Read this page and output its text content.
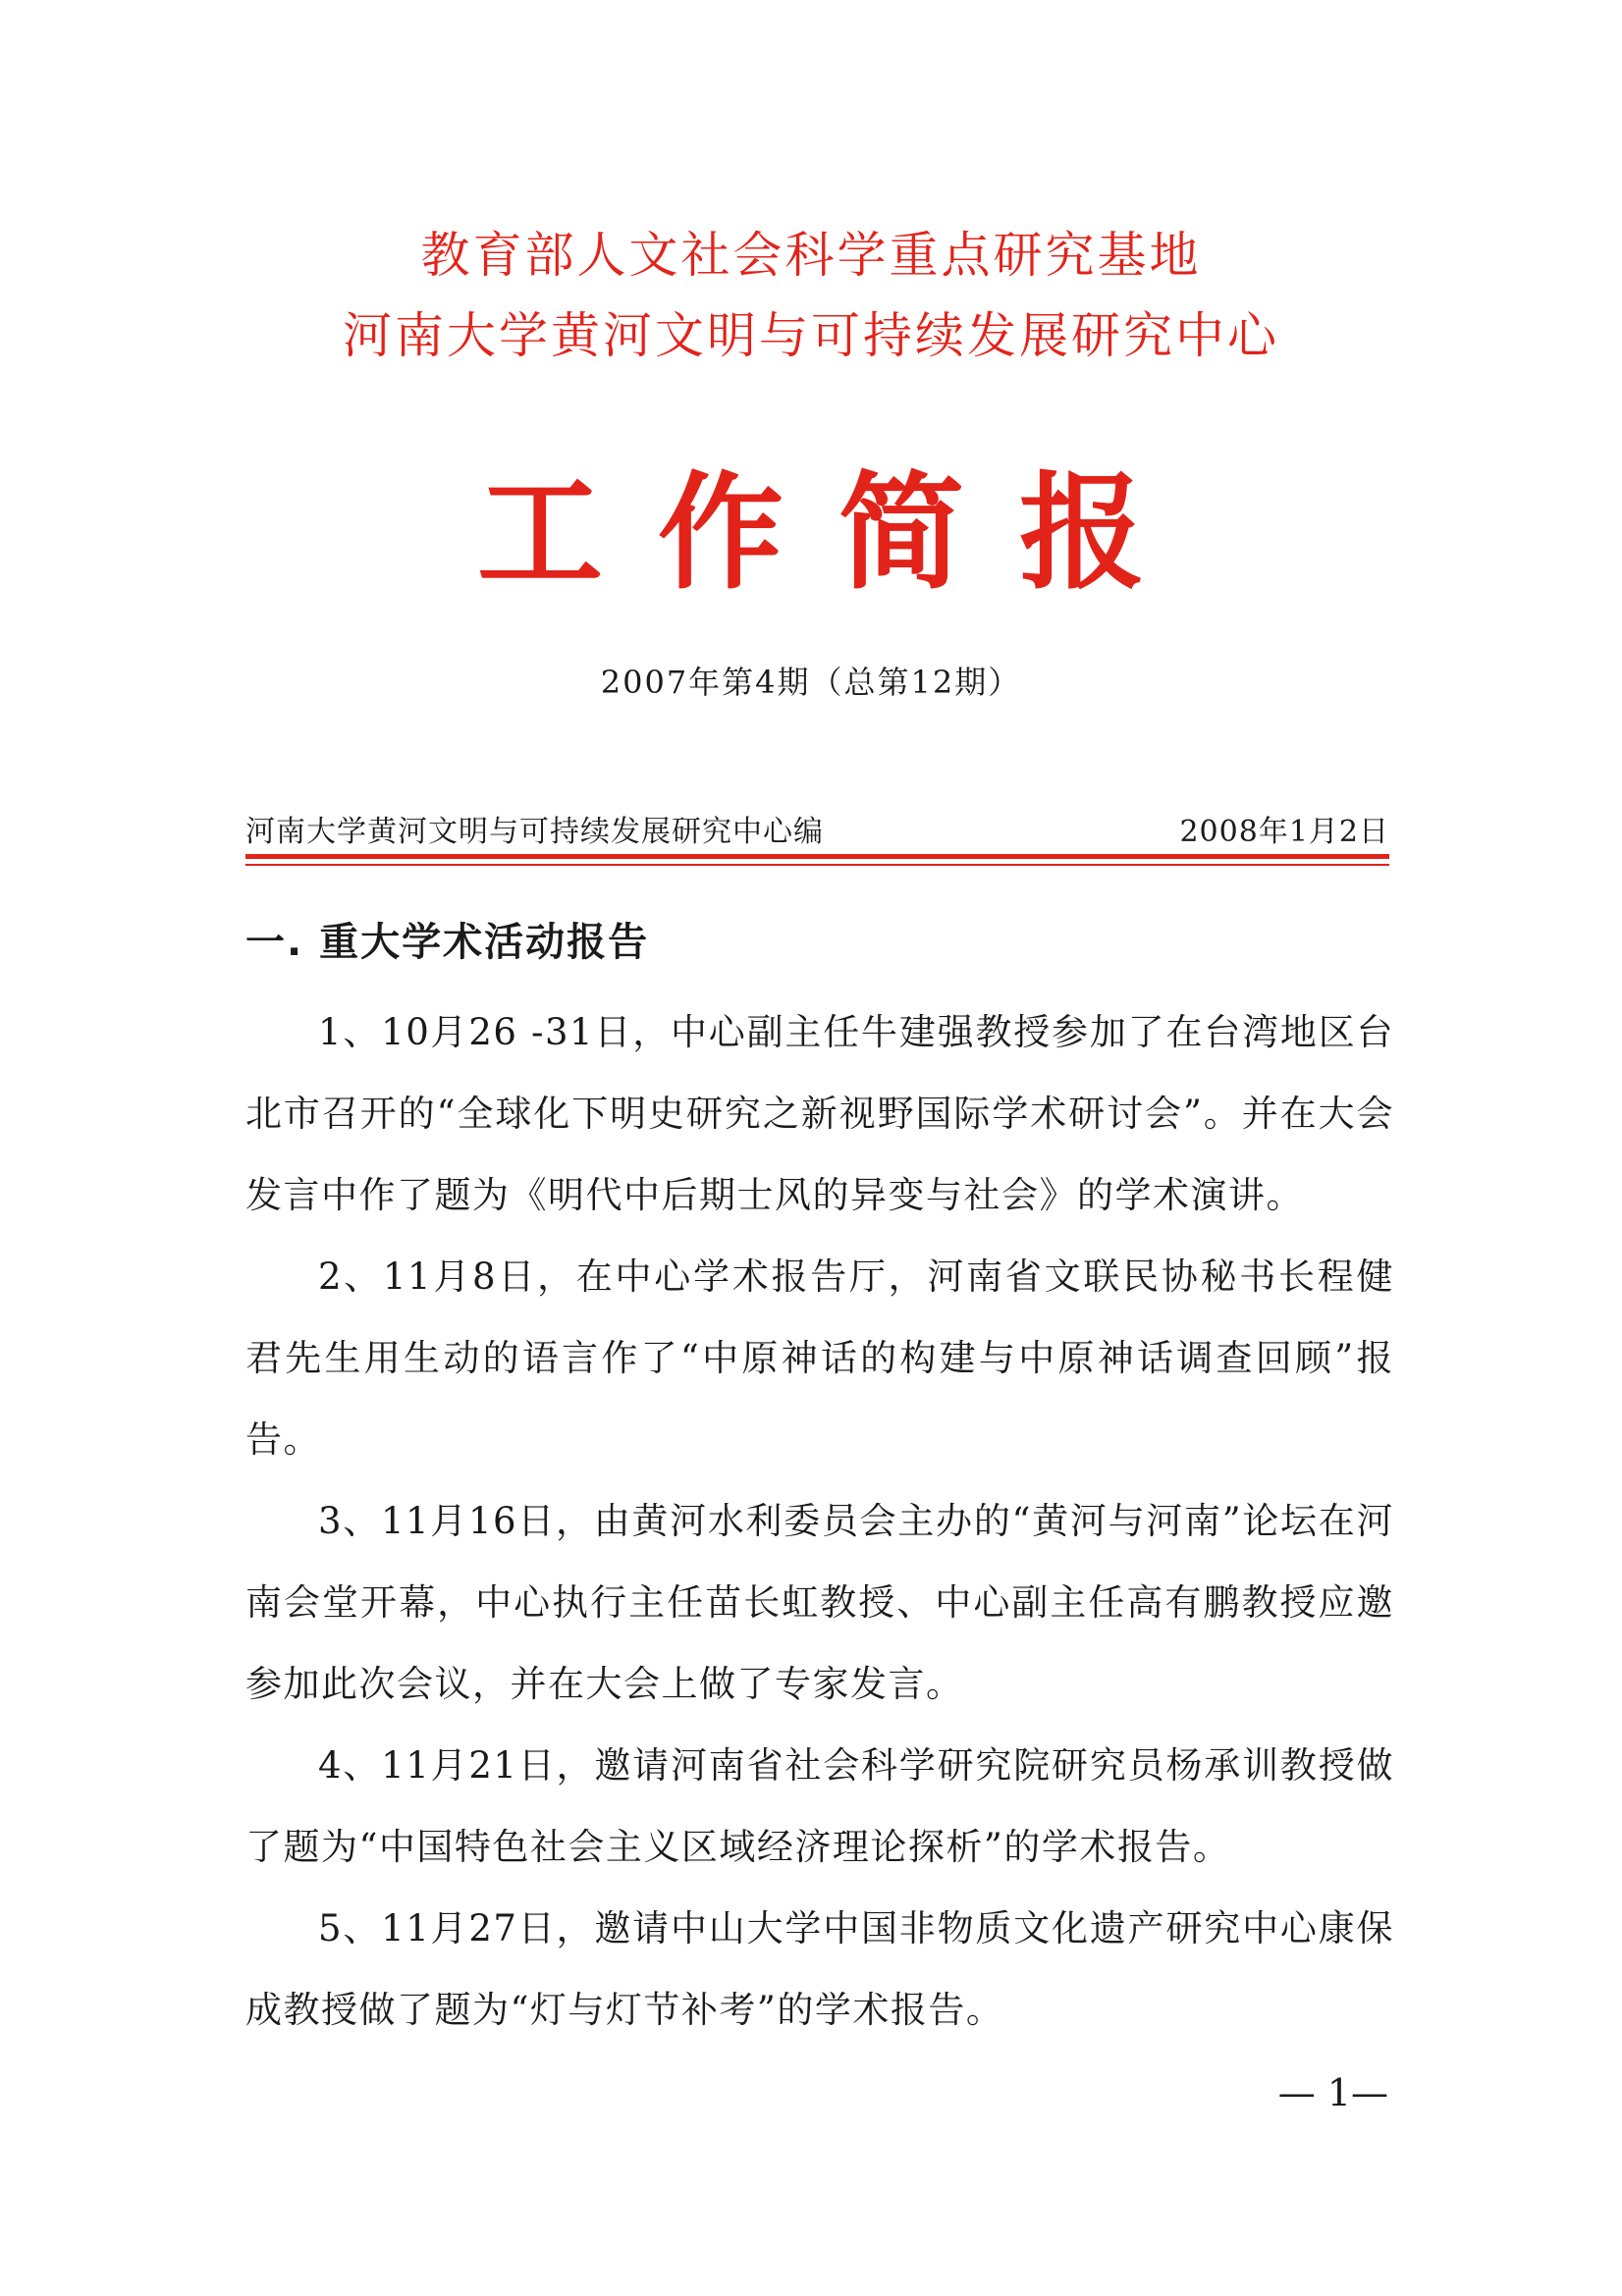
教育部人文社会科学重点研究基地
河南大学黄河文明与可持续发展研究中心
工作简报
2007年第4期（总第12期）
河南大学黄河文明与可持续发展研究中心编	2008年1月2日
一. 重大学术活动报告

1、10月26 -31日，中心副主任牛建强教授参加了在台湾地区台北市召开的“全球化下明史研究之新视野国际学术研讨会”。并在大会发言中作了题为《明代中后期士风的异变与社会》的学术演讲。

2、11月8日，在中心学术报告厅，河南省文联民协秘书长程健君先生用生动的语言作了“中原神话的构建与中原神话调查回顾”报告。

3、11月16日，由黄河水利委员会主办的“黄河与河南”论坛在河南会堂开幕，中心执行主任苗长虹教授、中心副主任高有鹏教授应邀参加此次会议，并在大会上做了专家发言。

4、11月21日，邀请河南省社会科学研究院研究员杨承训教授做了题为“中国特色社会主义区域经济理论探析”的学术报告。

5、11月27日，邀请中山大学中国非物质文化遗产研究中心康保成教授做了题为“灯与灯节补考”的学术报告。

— 1—
